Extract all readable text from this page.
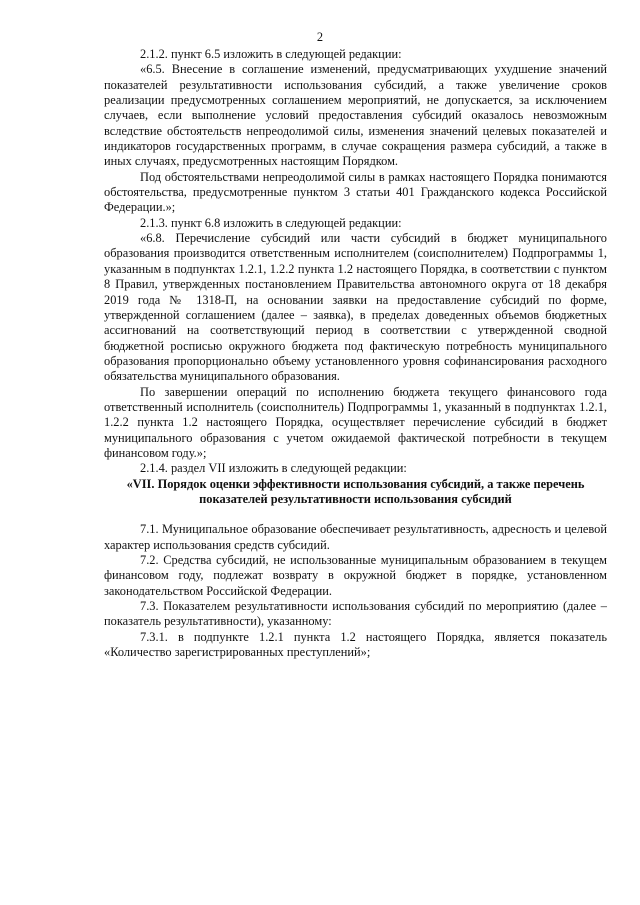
2

2.1.2. пункт 6.5 изложить в следующей редакции:

«6.5. Внесение в соглашение изменений, предусматривающих ухудшение значений показателей результативности использования субсидий, а также увеличение сроков реализации предусмотренных соглашением мероприятий, не допускается, за исключением случаев, если выполнение условий предоставления субсидий оказалось невозможным вследствие обстоятельств непреодолимой силы, изменения значений целевых показателей и индикаторов государственных программ, в случае сокращения размера субсидий, а также в иных случаях, предусмотренных настоящим Порядком.

Под обстоятельствами непреодолимой силы в рамках настоящего Порядка понимаются обстоятельства, предусмотренные пунктом 3 статьи 401 Гражданского кодекса Российской Федерации.»;

2.1.3. пункт 6.8 изложить в следующей редакции:

«6.8. Перечисление субсидий или части субсидий в бюджет муниципального образования производится ответственным исполнителем (соисполнителем) Подпрограммы 1, указанным в подпунктах 1.2.1, 1.2.2 пункта 1.2 настоящего Порядка, в соответствии с пунктом 8 Правил, утвержденных постановлением Правительства автономного округа от 18 декабря 2019 года № 1318-П, на основании заявки на предоставление субсидий по форме, утвержденной соглашением (далее – заявка), в пределах доведенных объемов бюджетных ассигнований на соответствующий период в соответствии с утвержденной сводной бюджетной росписью окружного бюджета под фактическую потребность муниципального образования пропорционально объему установленного уровня софинансирования расходного обязательства муниципального образования.

По завершении операций по исполнению бюджета текущего финансового года ответственный исполнитель (соисполнитель) Подпрограммы 1, указанный в подпунктах 1.2.1, 1.2.2 пункта 1.2 настоящего Порядка, осуществляет перечисление субсидий в бюджет муниципального образования с учетом ожидаемой фактической потребности в текущем финансовом году.»;

2.1.4. раздел VII изложить в следующей редакции:

«VII. Порядок оценки эффективности использования субсидий, а также перечень показателей результативности использования субсидий

7.1. Муниципальное образование обеспечивает результативность, адресность и целевой характер использования средств субсидий.

7.2. Средства субсидий, не использованные муниципальным образованием в текущем финансовом году, подлежат возврату в окружной бюджет в порядке, установленном законодательством Российской Федерации.

7.3. Показателем результативности использования субсидий по мероприятию (далее – показатель результативности), указанному:

7.3.1. в подпункте 1.2.1 пункта 1.2 настоящего Порядка, является показатель «Количество зарегистрированных преступлений»;
